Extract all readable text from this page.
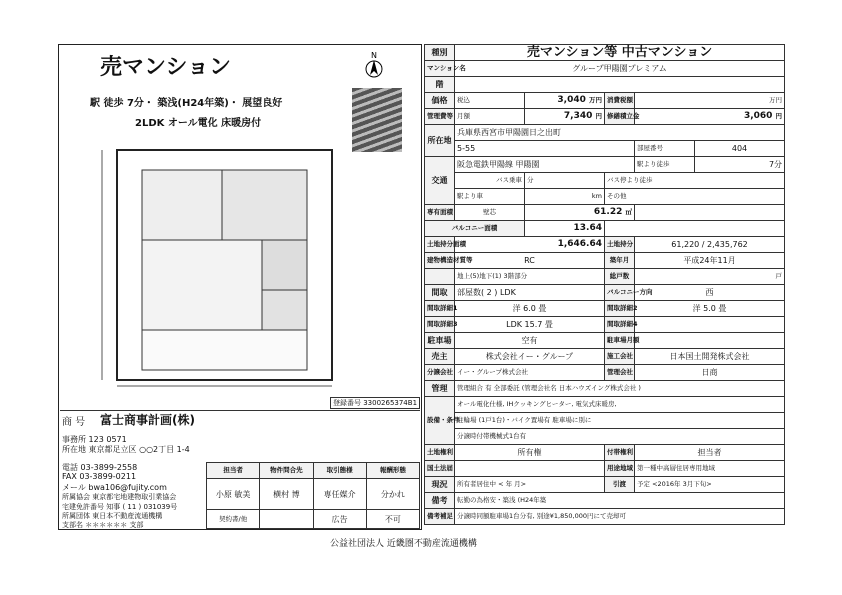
売マンション	N
駅 徒歩 7分・ 築浅(H24年築)・ 展望良好
2LDK オール電化 床暖房付
登録番号 3300265374B1
商 号 富士商事計画(株)
事務所 123 0571
所在地 東京都足立区 ○○2丁目 1-4
電話 03-3899-2558
FAX 03-3899-0211
メール bwa106@fujity.com
所属協会 東京都宅地建物取引業協会
宅建免許番号 知事 ( 11 ) 031039号
所属団体 東日本不動産流通機構
支部名 ＊＊＊＊＊＊ 支部
担当者	物件問合先	取引態様	報酬形態
小原 敏美	横村 博	専任媒介	分かれ
契約書/他		広告	不可
種別	売マンション等 中古マンション				
マンション名	グループ甲陽園プレミアム				
階					
価格	税込	3,040 万円	消費税額	万円	
管理費等	月額	7,340 円	修繕積立金	3,060 円	
所在地	兵庫県西宮市甲陽園日之出町				
	5-55			部屋番号	404
交通	阪急電鉄甲陽線 甲陽園			駅より徒歩	7分
	バス乗車	分	バス停より徒歩		
	駅より車	km	その他		
専有面積	壁芯	61.22 ㎡			
バルコニー面積		13.64			
土地持分面積	1,646.64		土地持分	61,220 / 2,435,762	
建物構造材質等	RC		築年月	平成24年11月	
	地上(5)地下(1) 3階部分		総戸数	戸	
間取	部屋数( 2 ) LDK		バルコニー方向	西	
間取詳細1	洋 6.0 畳		間取詳細2	洋 5.0 畳	
間取詳細3	LDK 15.7 畳		間取詳細4		
駐車場	空有		駐車場月額		
売主	株式会社イー・グループ		施工会社	日本国土開発株式会社	
分譲会社	イー・グループ株式会社		管理会社	日商	
管理	管理組合 有 全部委託 (管理会社名 日本ハウズイング株式会社 )				
設備・条件	オール電化仕様, IHクッキングヒーター, 電気式床暖房,				
	駐輪場 (1戸1台)・バイク置場有 駐車場に別に				
	分譲時付帯機械式1台有				
土地権利	所有権		付帯権利	担当者	
国土法届			用途地域	第一種中高層住居専用地域	
現況	所有者居住中 < 年 月>		引渡	予定 <2016年 3月下旬>	
備考	転勤の為格安・築浅 (H24年築				
備考補足	分譲時同額駐車場1台分有, 別途¥1,850,000円にて売却可				
公益社団法人 近畿圏不動産流通機構
